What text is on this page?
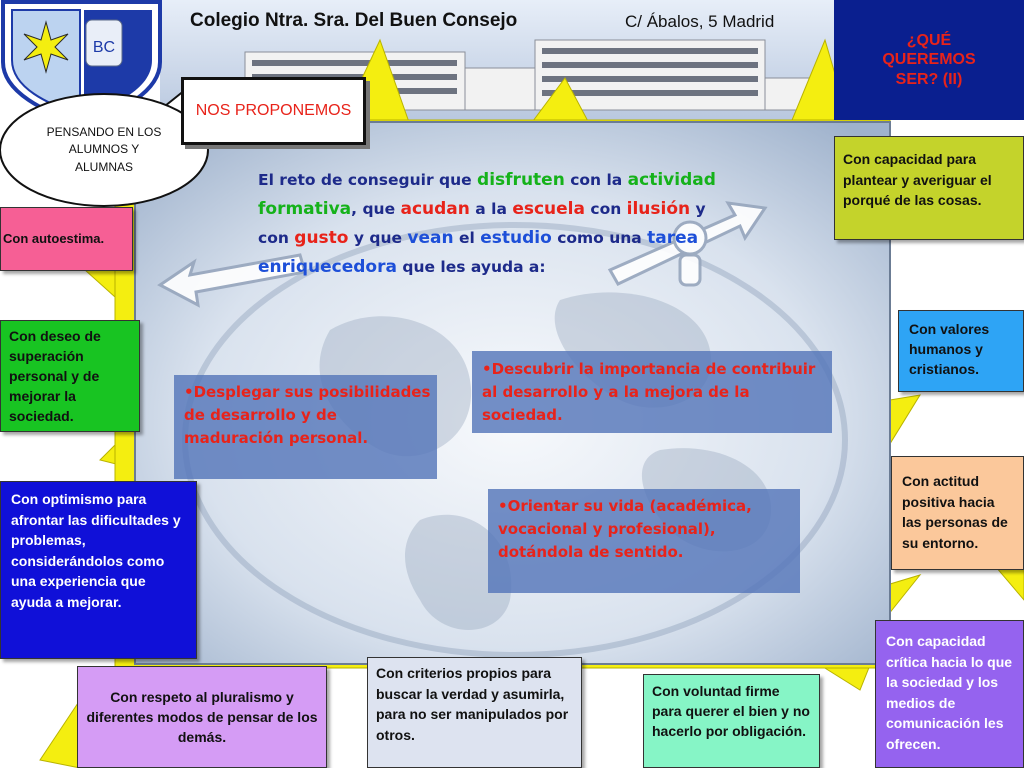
BC
Colegio Ntra. Sra. Del Buen Consejo	C/ Ábalos, 5 Madrid
¿QUÉ QUEREMOS SER? (II)
NOS PROPONEMOS
PENSANDO EN LOS ALUMNOS Y ALUMNAS
El reto de conseguir que disfruten con la actividad formativa, que acudan a la escuela con ilusión y con gusto y que vean el estudio como una tarea enriquecedora que les ayuda a:
•Desplegar sus posibilidades de desarrollo y de maduración personal.
•Descubrir la importancia de contribuir al desarrollo y a la mejora de la sociedad.
•Orientar su vida (académica, vocacional y profesional), dotándola de sentido.
Con autoestima.
Con deseo de superación personal y de mejorar la sociedad.
Con optimismo para afrontar las dificultades y problemas, considerándolos como una experiencia que ayuda a mejorar.
Con respeto al pluralismo y diferentes modos de pensar de los demás.
Con criterios propios para buscar la verdad y asumirla, para no ser manipulados por otros.
Con voluntad firme para querer el bien y no hacerlo por obligación.
Con capacidad para plantear y averiguar el porqué de las cosas.
Con valores humanos y cristianos.
Con actitud positiva hacia las personas de su entorno.
Con capacidad crítica hacia lo que la sociedad y los medios de comunicación les ofrecen.
